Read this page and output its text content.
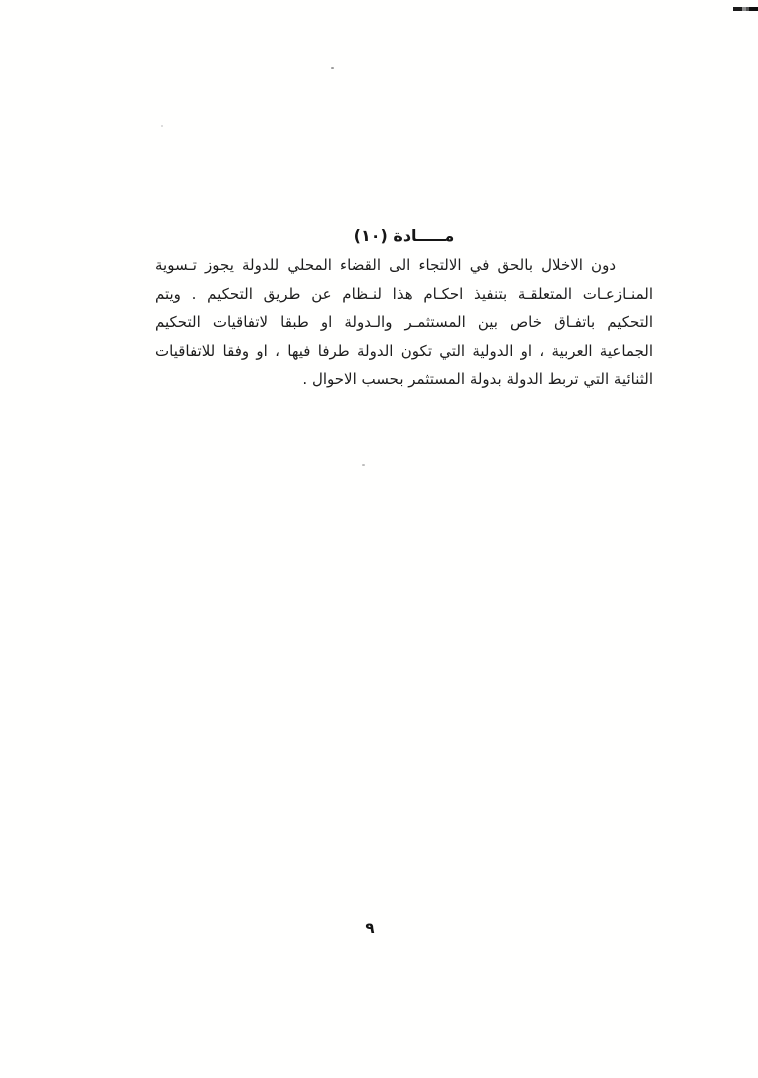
مـــــادة (١٠)
دون الاخلال بالحق في الالتجاء الى القضاء المحلي للدولة يجوز تـسوية
المنـازعـات المتعلقـة بتنفيذ احكـام هذا لنـظام عن طريق التحكيم . ويتم
التحكيم باتفـاق خاص بين المستثمـر والـدولة او طبقا لاتفاقيات التحكيم
الجماعية العربية ، او الدولية التي تكون الدولة طرفا فيها ، او وفقا للاتفاقيات
الثنائية التي تربط الدولة بدولة المستثمر بحسب الاحوال .
٩
